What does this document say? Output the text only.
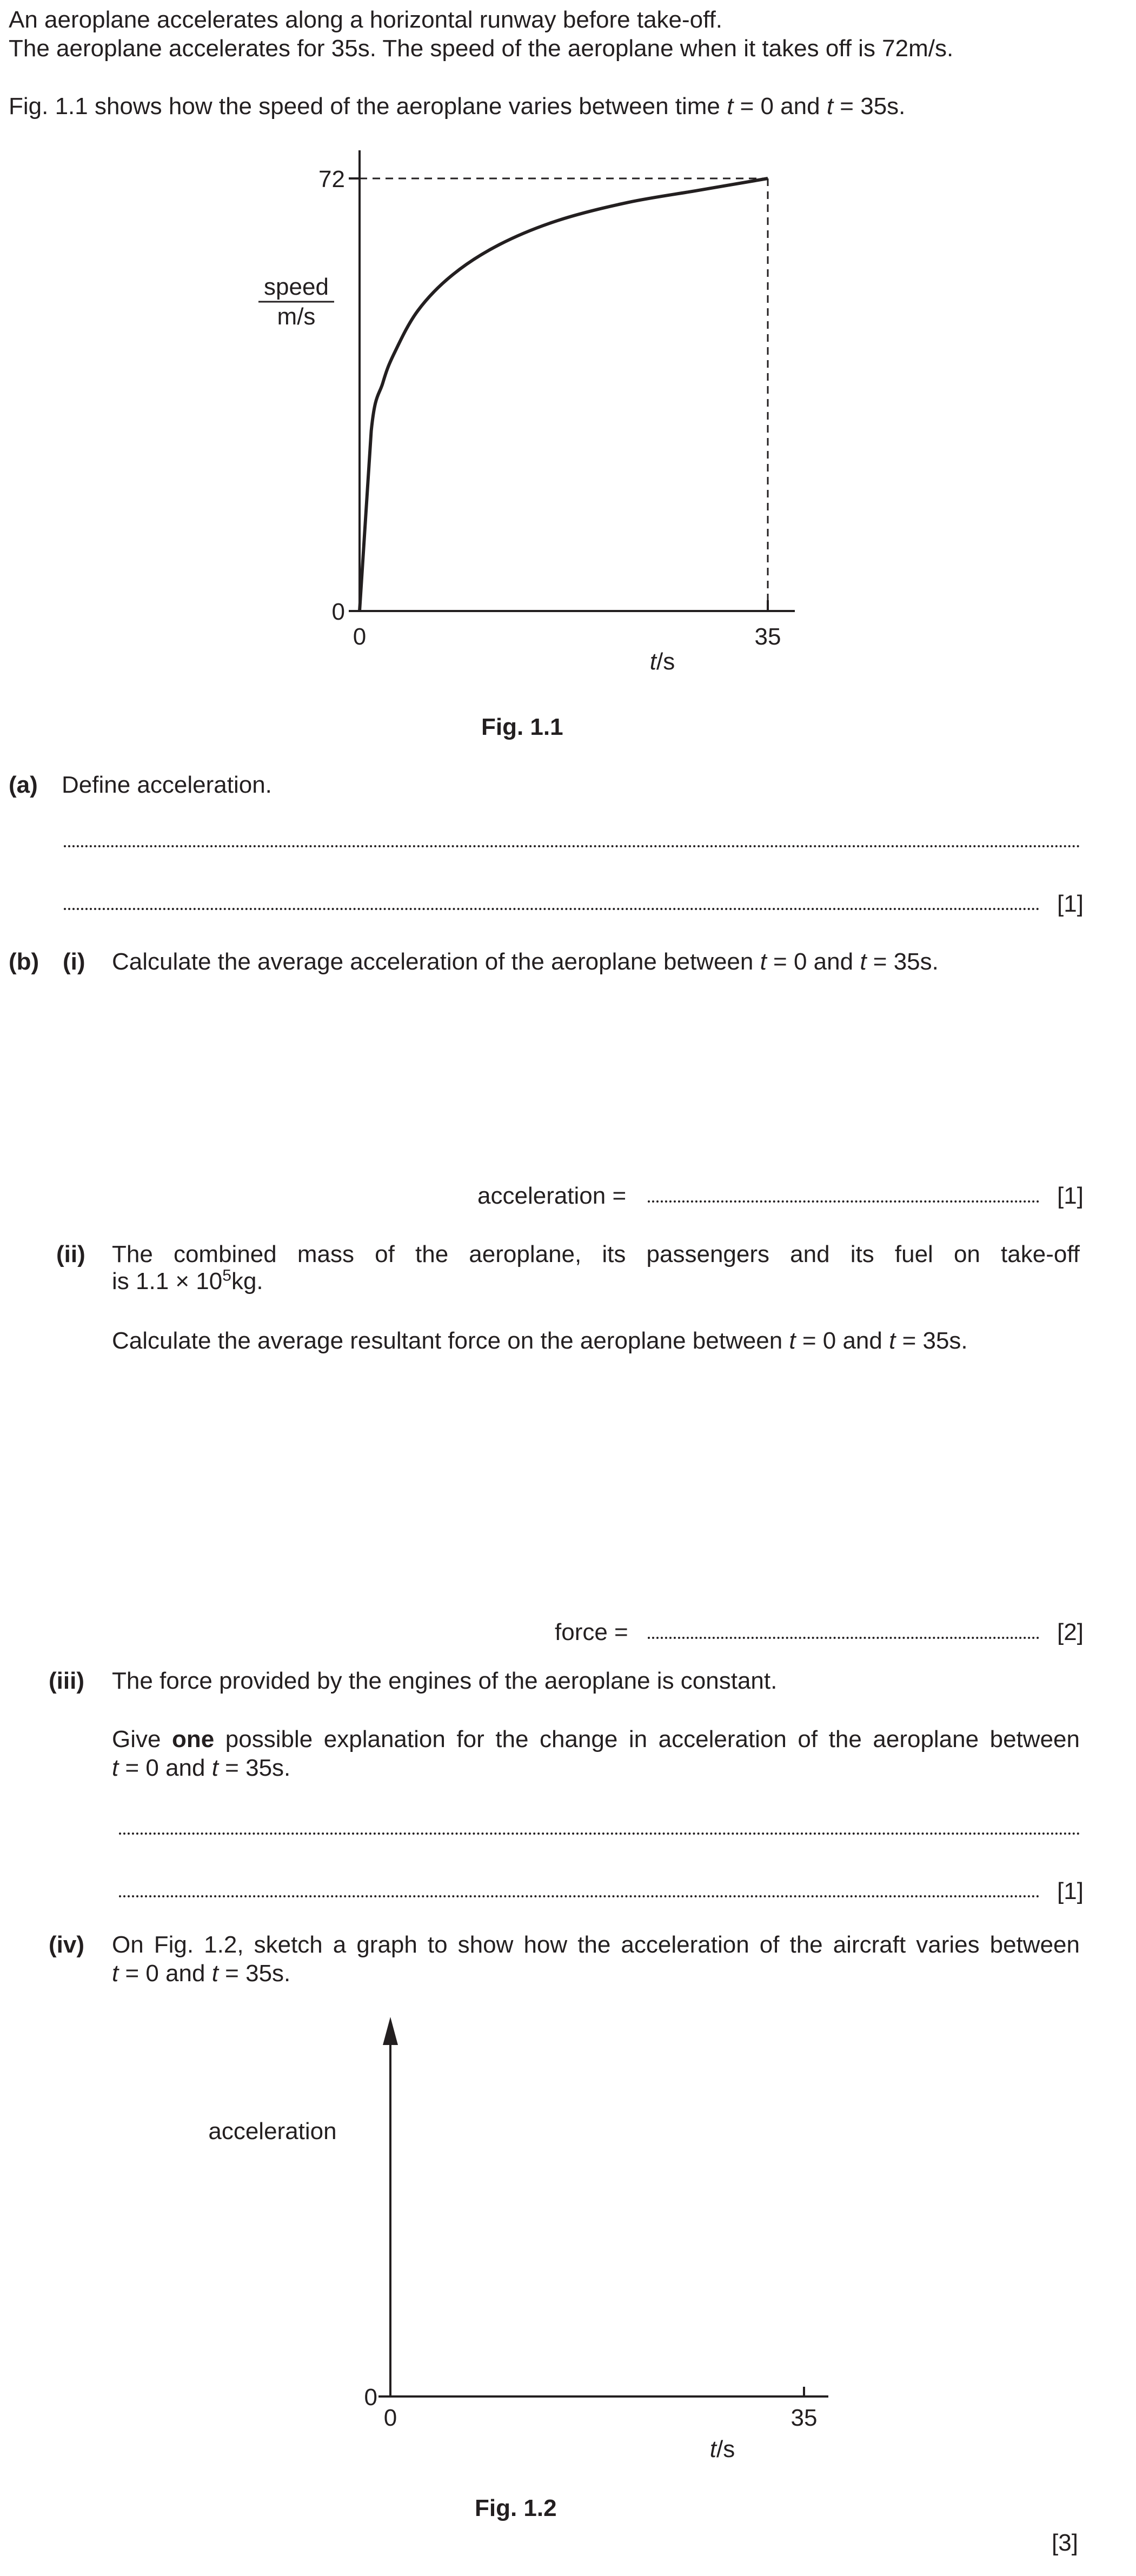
An aeroplane accelerates along a horizontal runway before take-off.
The aeroplane accelerates for 35s. The speed of the aeroplane when it takes off is 72m/s.
Fig. 1.1 shows how the speed of the aeroplane varies between time t = 0 and t = 35s.
72
0
0	35
speed
m/s
t/s
Fig. 1.1
(a) Define acceleration.
[1]
(b) (i) Calculate the average acceleration of the aeroplane between t = 0 and t = 35s.
acceleration =	[1]
(ii) The combined mass of the aeroplane, its passengers and its fuel on take-off
is $1.1 \times 10^5kg$.
Calculate the average resultant force on the aeroplane between t = 0 and t = 35s.
force =	[2]
(iii) The force provided by the engines of the aeroplane is constant.
Give one possible explanation for the change in acceleration of the aeroplane between
t = 0 and t = 35s.
[1]
(iv) On Fig. 1.2, sketch a graph to show how the acceleration of the aircraft varies between
t = 0 and t = 35s.
acceleration
0
0	35
t/s
Fig. 1.2
[3]
